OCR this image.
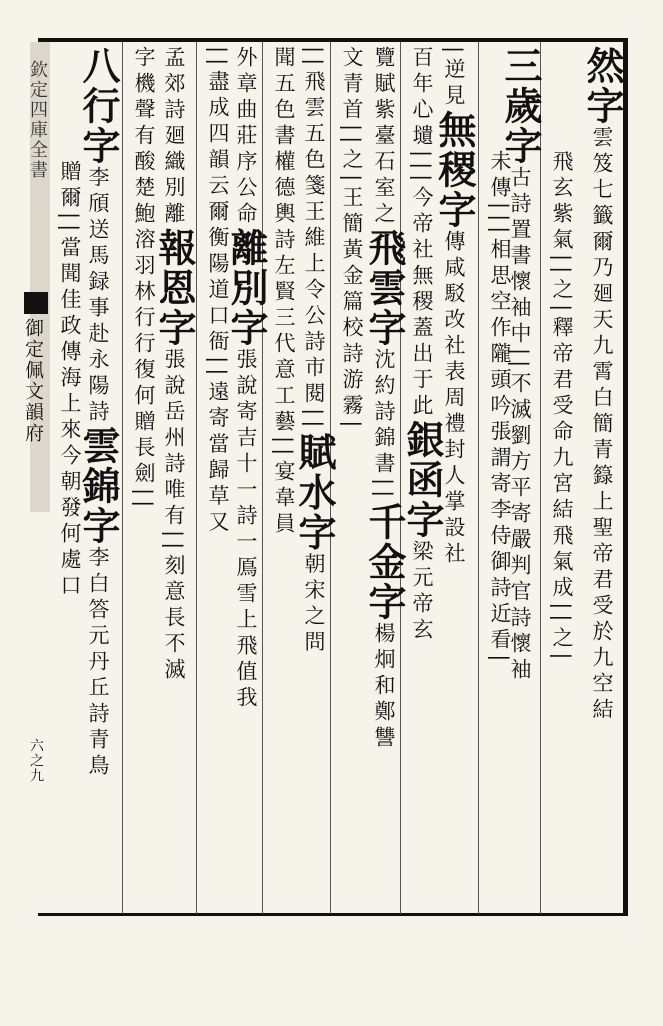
欽定四庫全書
御定佩文韻府
六之九
然字雲笈七籤爾乃廻天九霄白簡青籙上聖帝君受於九空結
飛玄紫氣||之|釋帝君受命九宮結飛氣成||之|
三歲字古詩置書懷袖中||不滅劉方平寄嚴判官詩懷袖
未傳|||相思空作隴頭吟張謂寄李侍御詩近看|
|逆見無稷字傳咸駁改社表周禮封人掌設社
百年心壝|||今帝社無稷蓋出于此銀函字梁元帝玄
覽賦紫臺石室之飛雲字沈約詩錦書||千金字楊炯和鄭讐
文青首||之|王簡黃金篇校詩游霧|
||飛雲五色箋王維上令公詩市閱||賦水字朝宋之問
聞五色書權德輿詩左賢三代意工藝||宴韋員
外章曲莊序公命離別字張說寄吉十一詩一鳫雪上飛值我
||盡成四韻云爾衡陽道口衙||遠寄當歸草又
孟郊詩廻織別離報恩字張說岳州詩唯有||刻意長不滅
字機聲有酸楚鮑溶羽林行行復何贈長劍||
八行字李頎送馬録事赴永陽詩雲錦字李白答元丹丘詩青鳥
贈爾||當聞佳政傳海上來今朝發何處口
